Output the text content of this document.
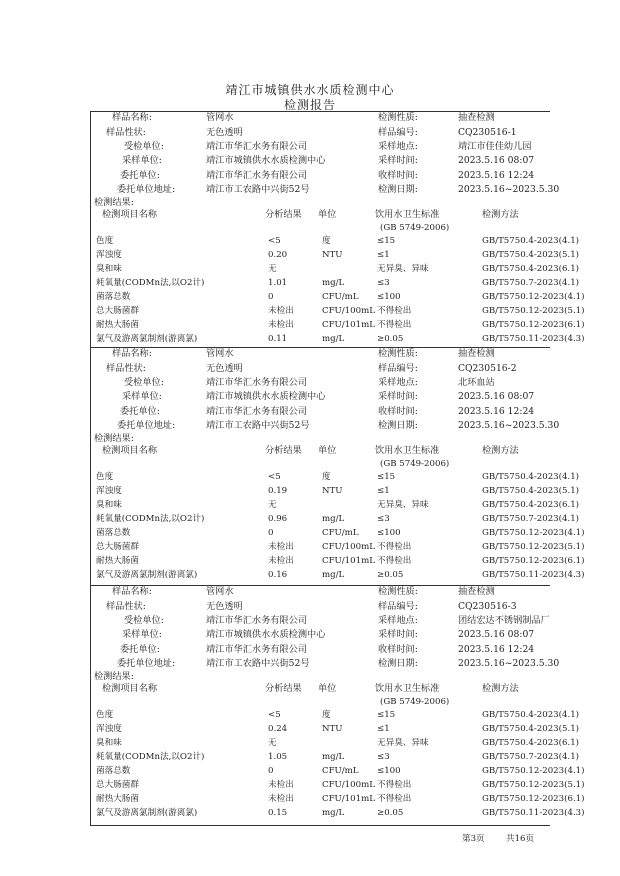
靖江市城镇供水水质检测中心
检测报告
样品名称:	管网水	检测性质:	抽查检测
样品性状:	无色透明	样品编号:	CQ230516-1
受检单位:	靖江市华汇水务有限公司	采样地点:	靖江市佳佳幼儿园
采样单位:	靖江市城镇供水水质检测中心	采样时间:	2023.5.16 08:07
委托单位:	靖江市华汇水务有限公司	收样时间:	2023.5.16 12:24
委托单位地址:	靖江市工农路中兴街52号	检测日期:	2023.5.16~2023.5.30
检测结果:
检测项目名称	分析结果 单位	饮用水卫生标准	检测方法
(GB 5749-2006)
色度	<5	度	≤15	GB/T5750.4-2023(4.1)
浑浊度	0.20	NTU	≤1	GB/T5750.4-2023(5.1)
臭和味	无	无异臭、异味	GB/T5750.4-2023(6.1)
耗氧量(CODMn法,以O2计)	1.01	mg/L	≤3	GB/T5750.7-2023(4.1)
菌落总数	0	CFU/mL ≤100	GB/T5750.12-2023(4.1)
总大肠菌群	未检出	CFU/100mL 不得检出	GB/T5750.12-2023(5.1)
耐热大肠菌	未检出	CFU/101mL 不得检出	GB/T5750.12-2023(6.1)
氯气及游离氯制剂(游离氯)	0.11	mg/L	≥0.05	GB/T5750.11-2023(4.3)
样品名称:	管网水	检测性质:	抽查检测
样品性状:	无色透明	样品编号:	CQ230516-2
受检单位:	靖江市华汇水务有限公司	采样地点:	北环血站
采样单位:	靖江市城镇供水水质检测中心	采样时间:	2023.5.16 08:07
委托单位:	靖江市华汇水务有限公司	收样时间:	2023.5.16 12:24
委托单位地址:	靖江市工农路中兴街52号	检测日期:	2023.5.16~2023.5.30
检测结果:
检测项目名称	分析结果 单位	饮用水卫生标准	检测方法
(GB 5749-2006)
色度	<5	度	≤15	GB/T5750.4-2023(4.1)
浑浊度	0.19	NTU	≤1	GB/T5750.4-2023(5.1)
臭和味	无	无异臭、异味	GB/T5750.4-2023(6.1)
耗氧量(CODMn法,以O2计)	0.96	mg/L	≤3	GB/T5750.7-2023(4.1)
菌落总数	0	CFU/mL ≤100	GB/T5750.12-2023(4.1)
总大肠菌群	未检出	CFU/100mL 不得检出	GB/T5750.12-2023(5.1)
耐热大肠菌	未检出	CFU/101mL 不得检出	GB/T5750.12-2023(6.1)
氯气及游离氯制剂(游离氯)	0.16	mg/L	≥0.05	GB/T5750.11-2023(4.3)
样品名称:	管网水	检测性质:	抽查检测
样品性状:	无色透明	样品编号:	CQ230516-3
受检单位:	靖江市华汇水务有限公司	采样地点:	团结宏达不锈钢制品厂
采样单位:	靖江市城镇供水水质检测中心	采样时间:	2023.5.16 08:07
委托单位:	靖江市华汇水务有限公司	收样时间:	2023.5.16 12:24
委托单位地址:	靖江市工农路中兴街52号	检测日期:	2023.5.16~2023.5.30
检测结果:
检测项目名称	分析结果 单位	饮用水卫生标准	检测方法
(GB 5749-2006)
色度	<5	度	≤15	GB/T5750.4-2023(4.1)
浑浊度	0.24	NTU	≤1	GB/T5750.4-2023(5.1)
臭和味	无	无异臭、异味	GB/T5750.4-2023(6.1)
耗氧量(CODMn法,以O2计)	1.05	mg/L	≤3	GB/T5750.7-2023(4.1)
菌落总数	0	CFU/mL ≤100	GB/T5750.12-2023(4.1)
总大肠菌群	未检出	CFU/100mL 不得检出	GB/T5750.12-2023(5.1)
耐热大肠菌	未检出	CFU/101mL 不得检出	GB/T5750.12-2023(6.1)
氯气及游离氯制剂(游离氯)	0.15	mg/L	≥0.05	GB/T5750.11-2023(4.3)
第3页 共16页
